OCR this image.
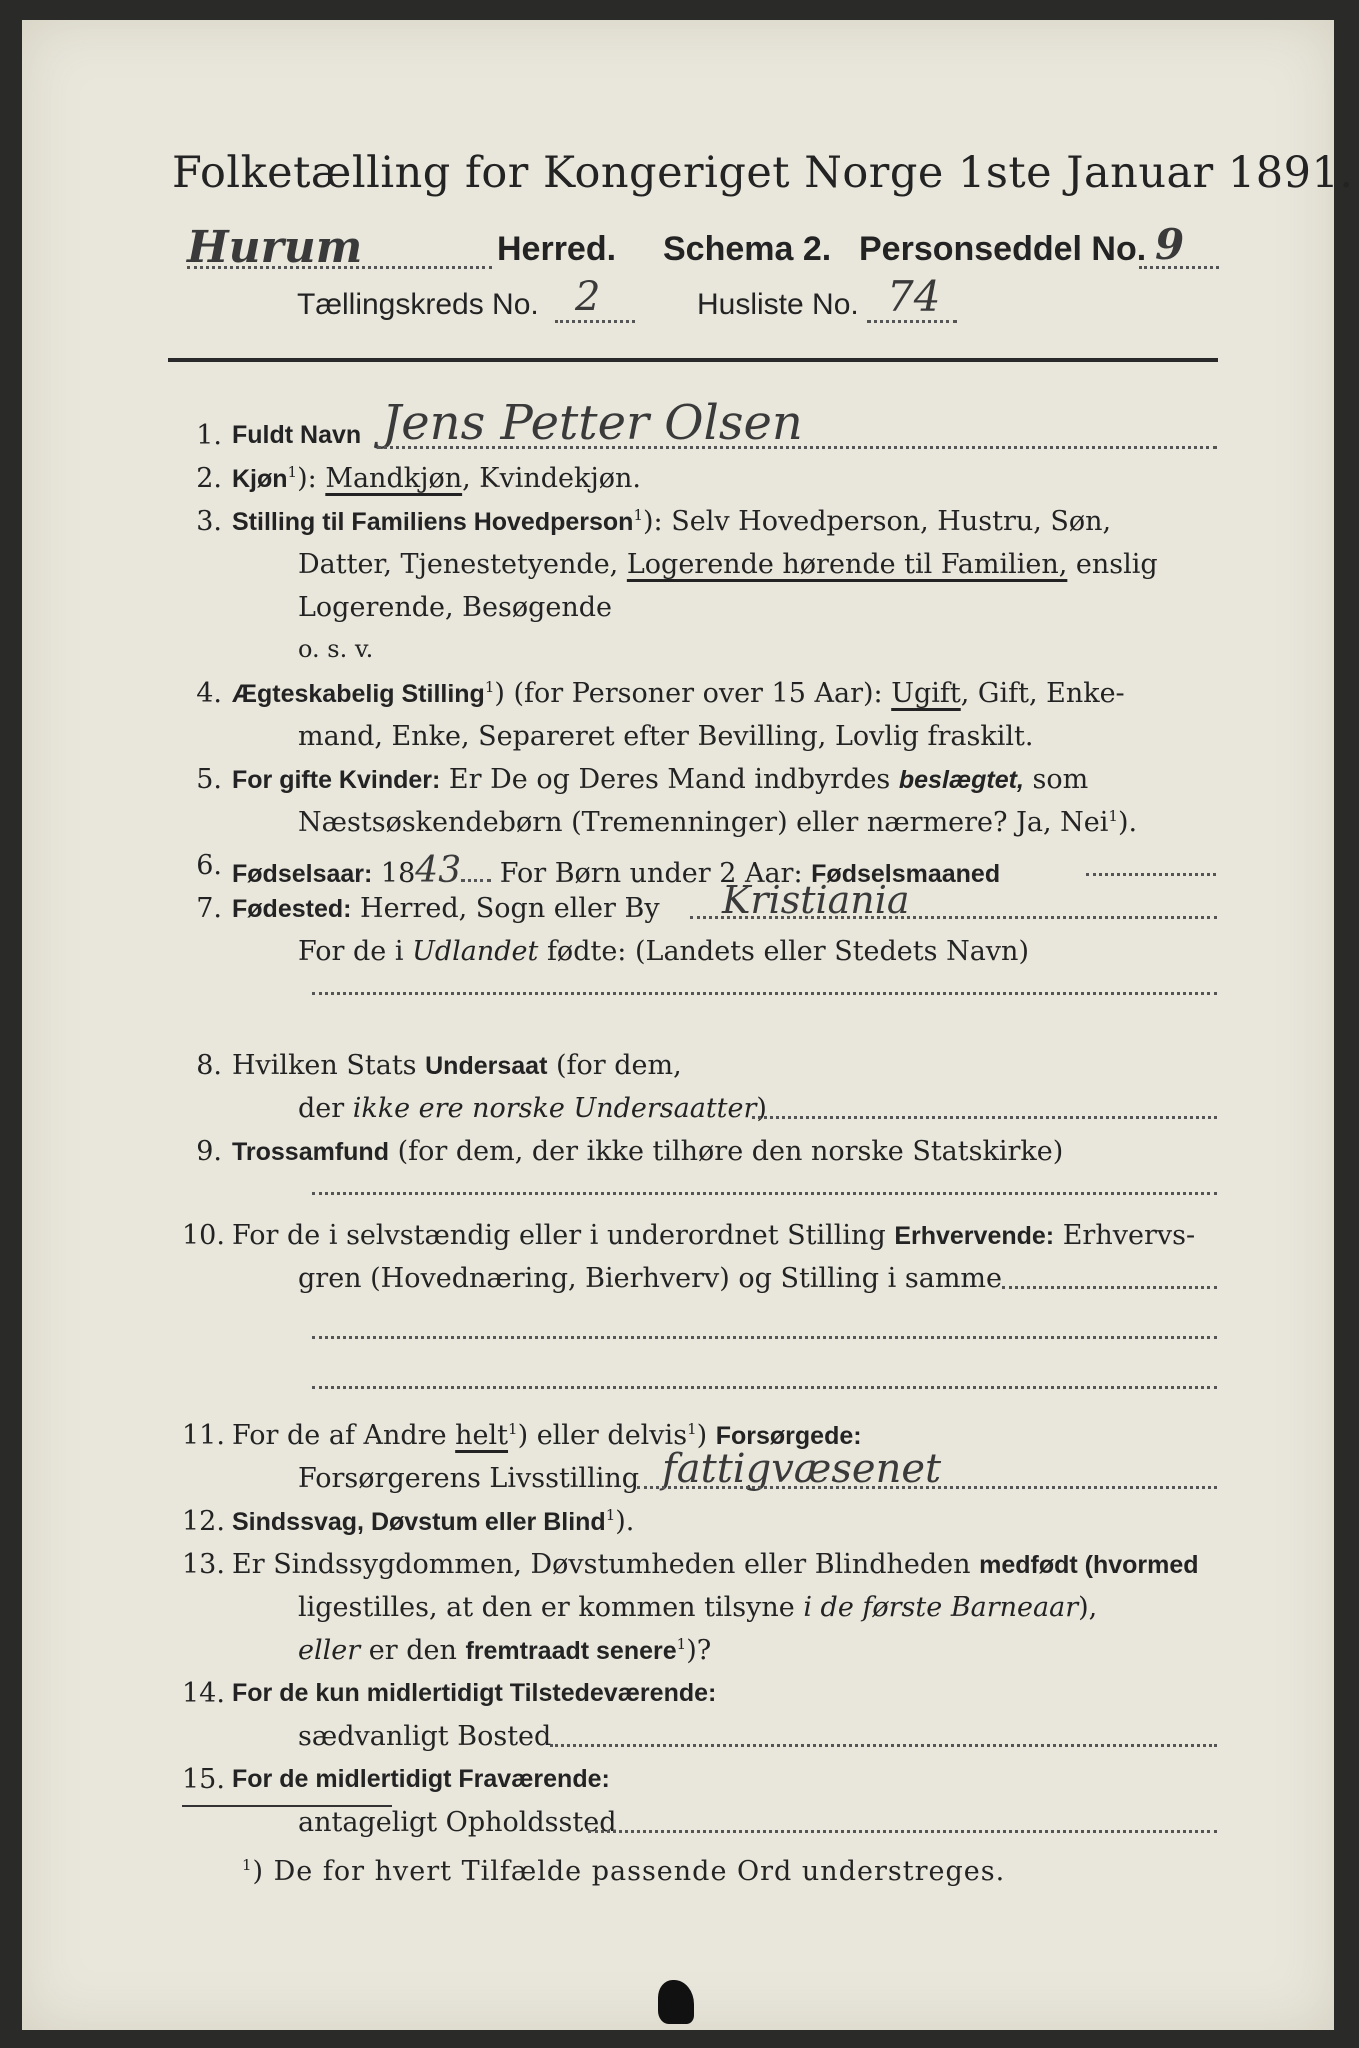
Folketælling for Kongeriget Norge 1ste Januar 1891.
Hurum	Herred. Schema 2. Personseddel No. 9
Tællingskreds No. 2	Husliste No. 74
1. Fuldt Navn Jens Petter Olsen
2. Kjøn$^1$): Mandkjøn, Kvindekjøn.
3. Stilling til Familiens Hovedperson$^1$): Selv Hovedperson, Hustru, Søn,
Datter, Tjenestetyende, Logerende hørende til Familien, enslig
Logerende, Besøgende
o. s. v.
4. Ægteskabelig Stilling$^1$) (for Personer over 15 Aar): Ugift, Gift, Enke-
mand, Enke, Separeret efter Bevilling, Lovlig fraskilt.
5. For gifte Kvinder: Er De og Deres Mand indbyrdes beslægtet, som
Næstsøskendebørn (Tremenninger) eller nærmere? Ja, Nei$^1$).
6. Fødselsaar: 1843 For Børn under 2 Aar: Fødselsmaaned
7. Fødested: Herred, Sogn eller By Kristiania
For de i Udlandet fødte: (Landets eller Stedets Navn)
8. Hvilken Stats Undersaat (for dem,
der ikke ere norske Undersaatter)
9. Trossamfund (for dem, der ikke tilhøre den norske Statskirke)
10. For de i selvstændig eller i underordnet Stilling Erhvervende: Erhvervs-
gren (Hovednæring, Bierhverv) og Stilling i samme
11. For de af Andre helt$^1$) eller delvis$^1$) Forsørgede:
Forsørgerens Livsstilling fattigvæsenet
12. Sindssvag, Døvstum eller Blind$^1$).
13. Er Sindssygdommen, Døvstumheden eller Blindheden medfødt (hvormed
ligestilles, at den er kommen tilsyne i de første Barneaar),
eller er den fremtraadt senere$^1$)?
14. For de kun midlertidigt Tilstedeværende:
sædvanligt Bosted
15. For de midlertidigt Fraværende:
antageligt Opholdssted
$^1$) De for hvert Tilfælde passende Ord understreges.
